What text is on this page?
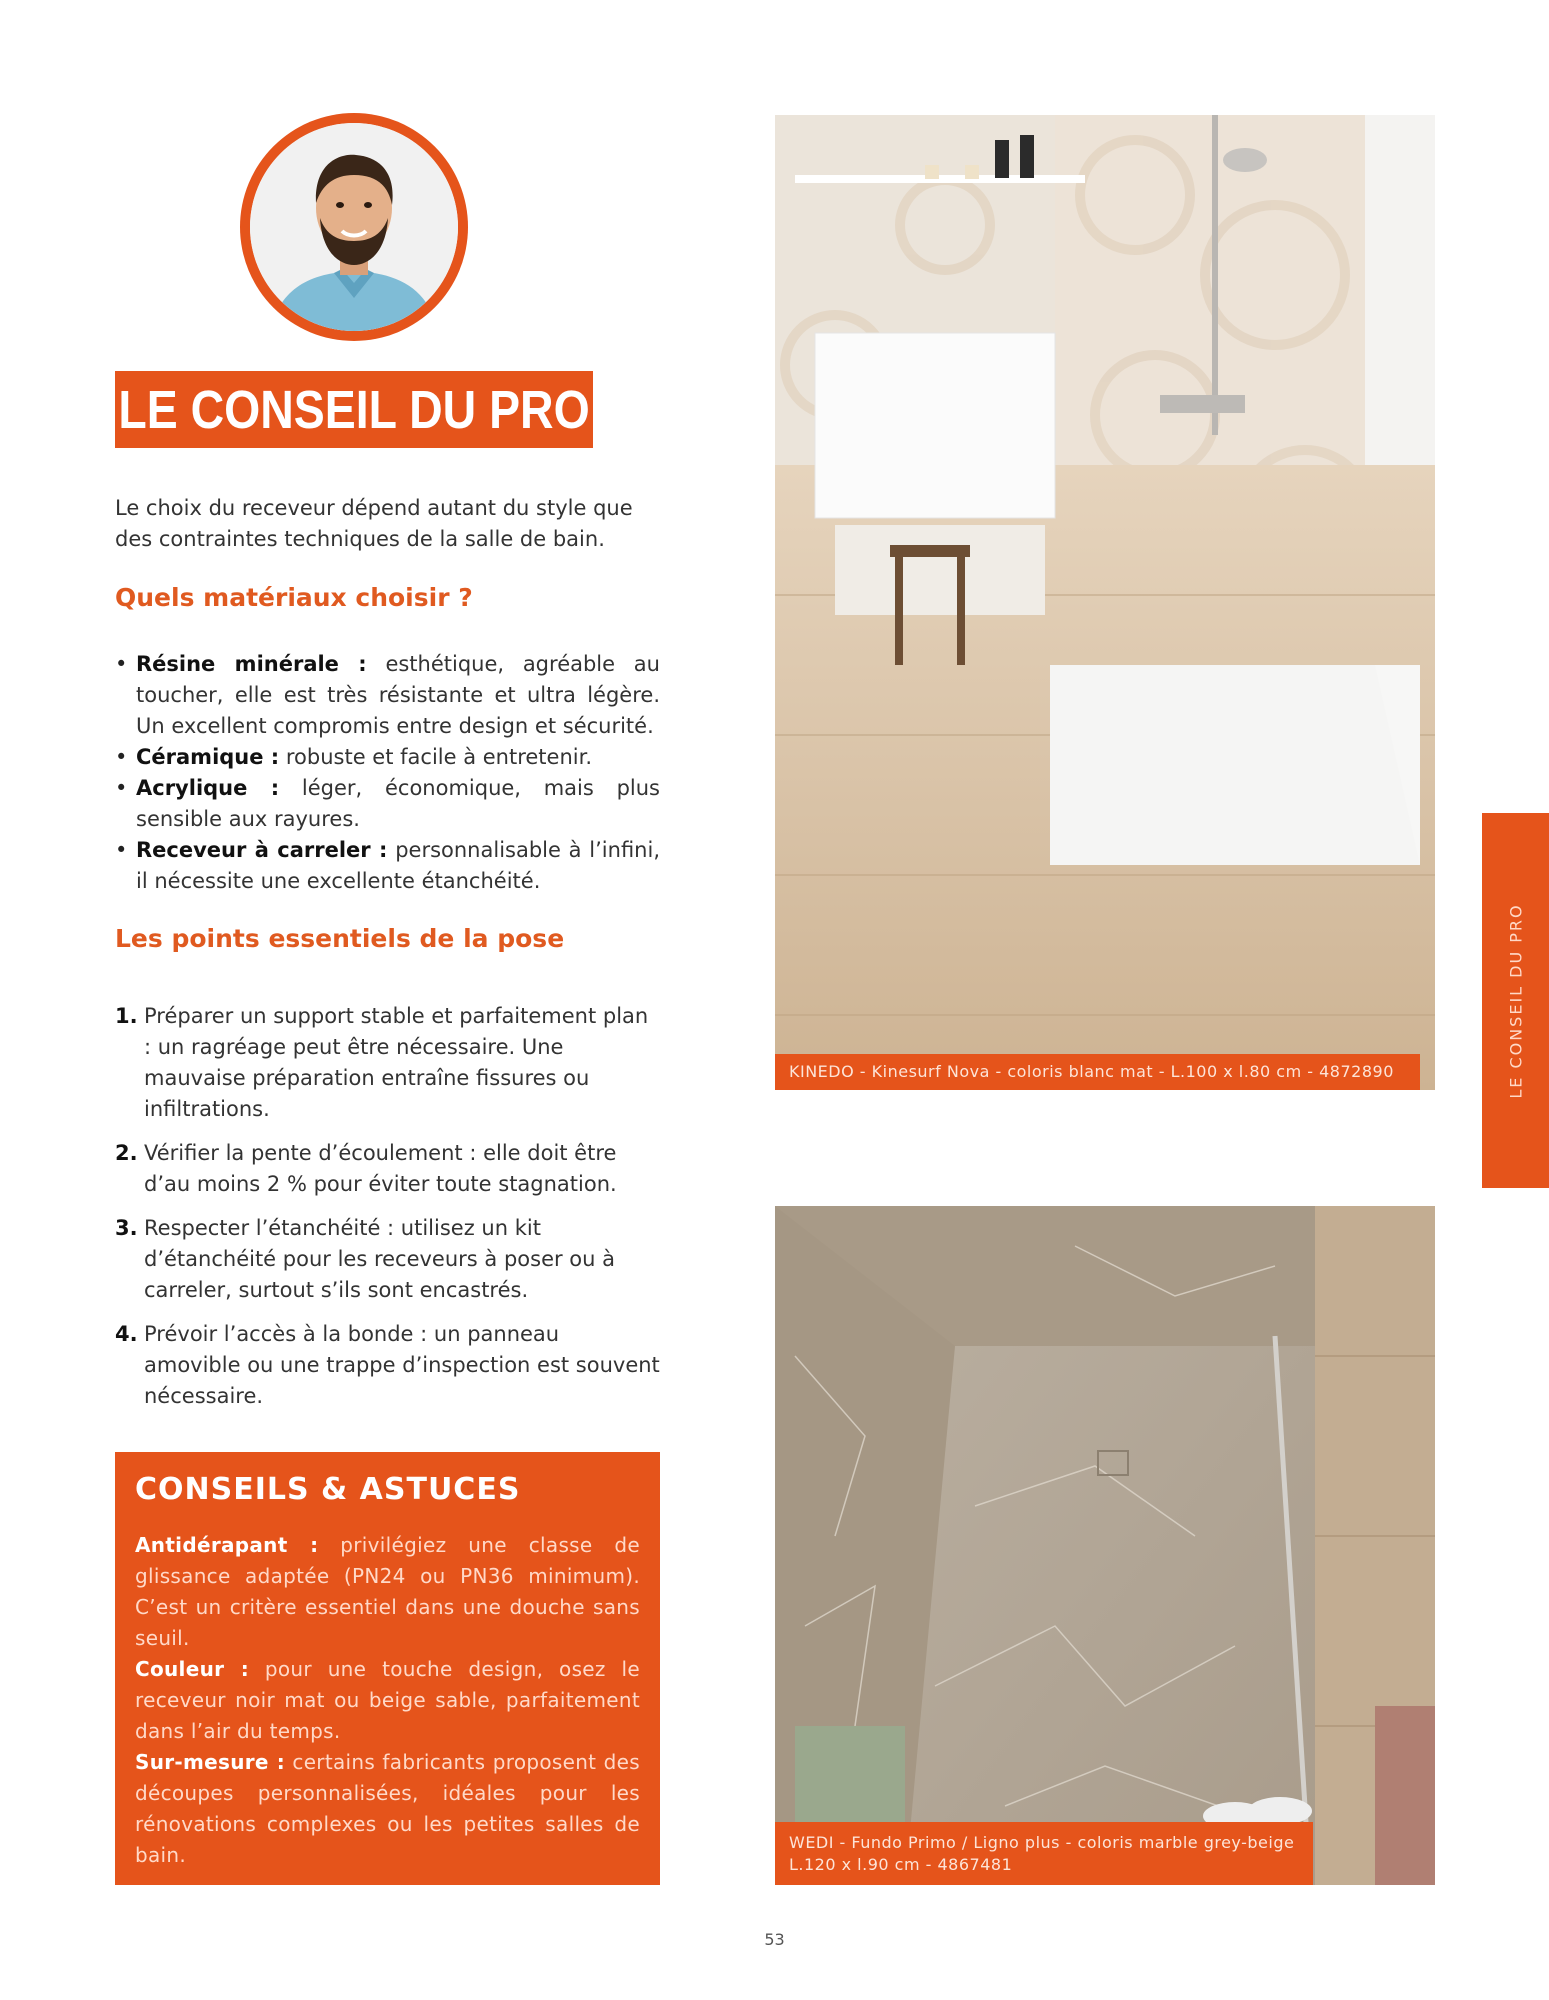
LE CONSEIL DU PRO
Le choix du receveur dépend autant du style que des contraintes techniques de la salle de bain.
Quels matériaux choisir ?
• Résine minérale : esthétique, agréable au toucher, elle est très résistante et ultra légère. Un excellent compromis entre design et sécurité.
• Céramique : robuste et facile à entretenir.
• Acrylique : léger, économique, mais plus sensible aux rayures.
• Receveur à carreler : personnalisable à l’infini, il nécessite une excellente étanchéité.
Les points essentiels de la pose
1. Préparer un support stable et parfaitement plan : un ragréage peut être nécessaire. Une mauvaise préparation entraîne fissures ou infiltrations.
2. Vérifier la pente d’écoulement : elle doit être d’au moins 2 % pour éviter toute stagnation.
3. Respecter l’étanchéité : utilisez un kit d’étanchéité pour les receveurs à poser ou à carreler, surtout s’ils sont encastrés.
4. Prévoir l’accès à la bonde : un panneau amovible ou une trappe d’inspection est souvent nécessaire.
CONSEILS & ASTUCES

Antidérapant : privilégiez une classe de glissance adaptée (PN24 ou PN36 minimum). C’est un critère essentiel dans une douche sans seuil.

Couleur : pour une touche design, osez le receveur noir mat ou beige sable, parfaitement dans l’air du temps.

Sur-mesure : certains fabricants proposent des découpes personnalisées, idéales pour les rénovations complexes ou les petites salles de bain.

KINEDO - Kinesurf Nova - coloris blanc mat - L.100 x l.80 cm - 4872890
WEDI - Fundo Primo / Ligno plus - coloris marble grey-beige
L.120 x l.90 cm - 4867481
LE CONSEIL DU PRO
53
